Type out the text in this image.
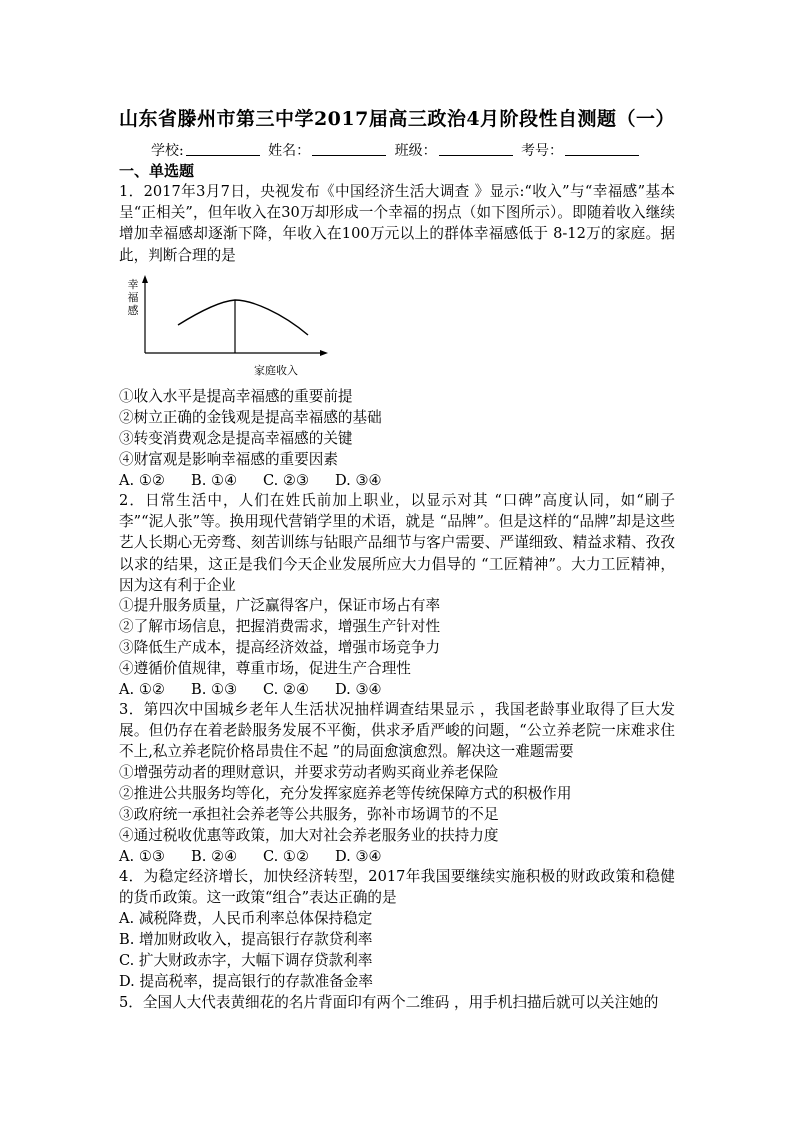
山东省滕州市第三中学2017届高三政治4月阶段性自测题（一）
学校:	姓名：	班级：	考号：
一、单选题
1．2017年3月7日，央视发布《中国经济生活大调查 》显示:“收入”与“幸福感”基本呈“正相关”，但年收入在30万却形成一个幸福的拐点（如下图所示）。即随着收入继续增加幸福感却逐渐下降，年收入在100万元以上的群体幸福感低于 8-12万的家庭。据此，判断合理的是
幸福感
家庭收入
①收入水平是提高幸福感的重要前提
②树立正确的金钱观是提高幸福感的基础
③转变消费观念是提高幸福感的关键
④财富观是影响幸福感的重要因素
A. ①② B. ①④ C. ②③ D. ③④
2．日常生活中，人们在姓氏前加上职业，以显示对其 “口碑”高度认同，如“刷子李”“泥人张”等。换用现代营销学里的术语，就是 “品牌”。但是这样的“品牌”却是这些艺人长期心无旁骛、刻苦训练与钻眼产品细节与客户需要、严谨细致、精益求精、孜孜以求的结果，这正是我们今天企业发展所应大力倡导的 “工匠精神”。大力工匠精神，因为这有利于企业
①提升服务质量，广泛赢得客户，保证市场占有率
②了解市场信息，把握消费需求，增强生产针对性
③降低生产成本，提高经济效益，增强市场竞争力
④遵循价值规律，尊重市场，促进生产合理性
A. ①② B. ①③ C. ②④ D. ③④
3．第四次中国城乡老年人生活状况抽样调查结果显示 ，我国老龄事业取得了巨大发展。但仍存在着老龄服务发展不平衡，供求矛盾严峻的问题，“公立养老院一床难求住不上,私立养老院价格昂贵住不起 ”的局面愈演愈烈。解决这一难题需要
①增强劳动者的理财意识，并要求劳动者购买商业养老保险
②推进公共服务均等化，充分发挥家庭养老等传统保障方式的积极作用
③政府统一承担社会养老等公共服务，弥补市场调节的不足
④通过税收优惠等政策，加大对社会养老服务业的扶持力度
A. ①③ B. ②④ C. ①② D. ③④
4．为稳定经济增长，加快经济转型，2017年我国要继续实施积极的财政政策和稳健的货币政策。这一政策“组合”表达正确的是
A. 减税降费，人民币利率总体保持稳定
B. 增加财政收入，提高银行存款贷利率
C. 扩大财政赤字，大幅下调存贷款利率
D. 提高税率，提高银行的存款准备金率
5．全国人大代表黄细花的名片背面印有两个二维码 ，用手机扫描后就可以关注她的
